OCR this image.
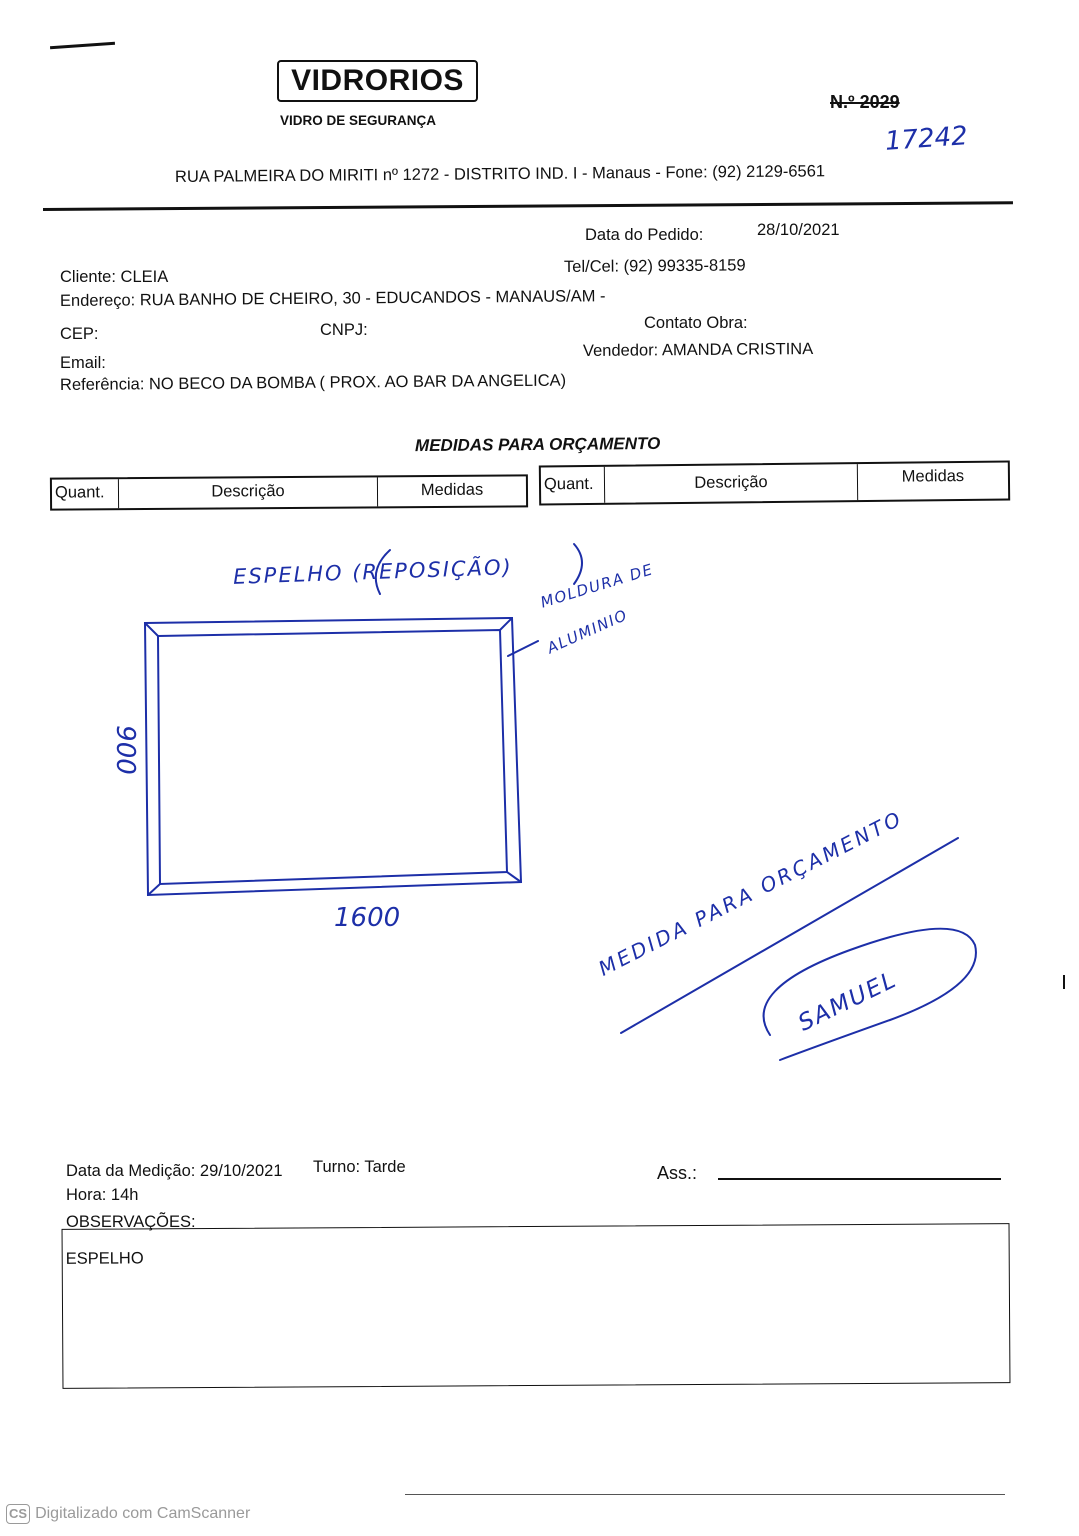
VIDRORIOS
VIDRO DE SEGURANÇA
N.º 2029
17242
RUA PALMEIRA DO MIRITI nº 1272 - DISTRITO IND. I - Manaus - Fone: (92) 2129-6561
Data do Pedido:	28/10/2021
Cliente: CLEIA
Tel/Cel: (92) 99335-8159
Endereço: RUA BANHO DE CHEIRO, 30 - EDUCANDOS - MANAUS/AM -
CEP:	CNPJ:	Contato Obra:
Email:
Vendedor: AMANDA CRISTINA
Referência: NO BECO DA BOMBA ( PROX. AO BAR DA ANGELICA)
MEDIDAS PARA ORÇAMENTO
Quant.	Descrição	Medidas	Quant.	Descrição	Medidas
ESPELHO (REPOSIÇÃO) MOLDURA DE
ALUMINIO
900
1600	MEDIDA PARA ORÇAMENTO
SAMUEL
Data da Medição: 29/10/2021 Turno: Tarde
Hora: 14h
Ass.:
OBSERVAÇÕES:
ESPELHO
CS Digitalizado com CamScanner
